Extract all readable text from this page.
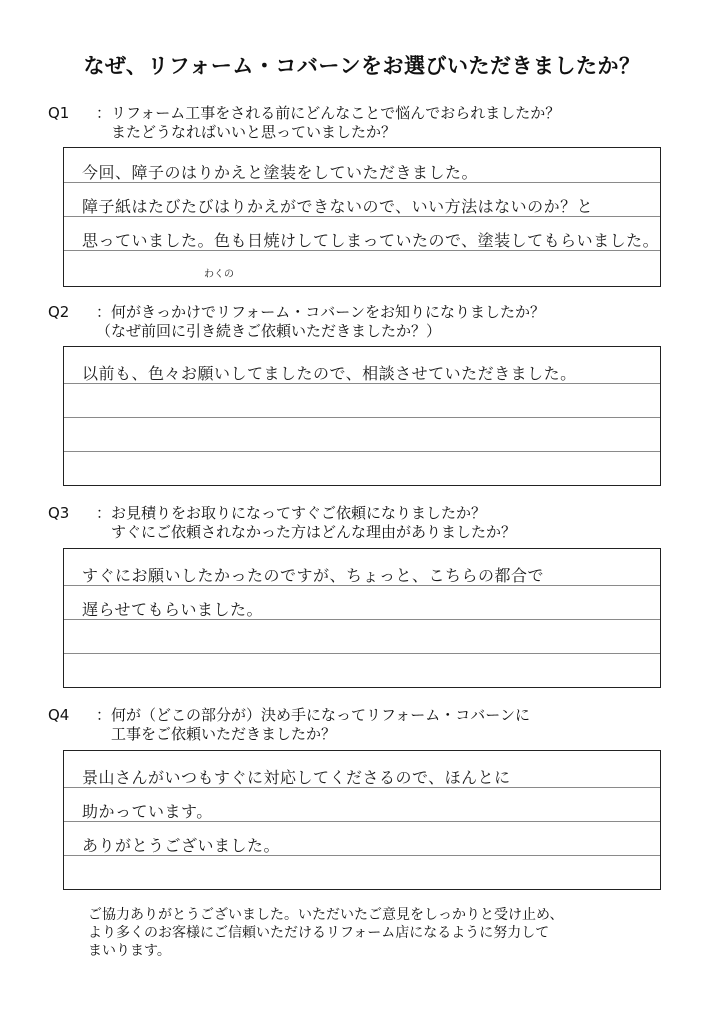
なぜ、リフォーム・コバーンをお選びいただきましたか？
Q1 ：リフォーム工事をされる前にどんなことで悩んでおられましたか？
　またどうなればいいと思っていましたか？
今回、障子のはりかえと塗装をしていただきました。
障子紙はたびたびはりかえができないので、いい方法はないのか？と
思っていました。色も日焼けしてしまっていたので、塗装してもらいました。
わくの
Q2 ：何がきっかけでリフォーム・コバーンをお知りになりましたか？
（なぜ前回に引き続きご依頼いただきましたか？）
以前も、色々お願いしてましたので、相談させていただきました。
Q3 ：お見積りをお取りになってすぐご依頼になりましたか？
　すぐにご依頼されなかった方はどんな理由がありましたか？
すぐにお願いしたかったのですが、ちょっと、こちらの都合で
遅らせてもらいました。
Q4 ：何が（どこの部分が）決め手になってリフォーム・コバーンに
　工事をご依頼いただきましたか？
景山さんがいつもすぐに対応してくださるので、ほんとに
助かっています。
ありがとうございました。
ご協力ありがとうございました。いただいたご意見をしっかりと受け止め、
より多くのお客様にご信頼いただけるリフォーム店になるように努力して
まいります。
